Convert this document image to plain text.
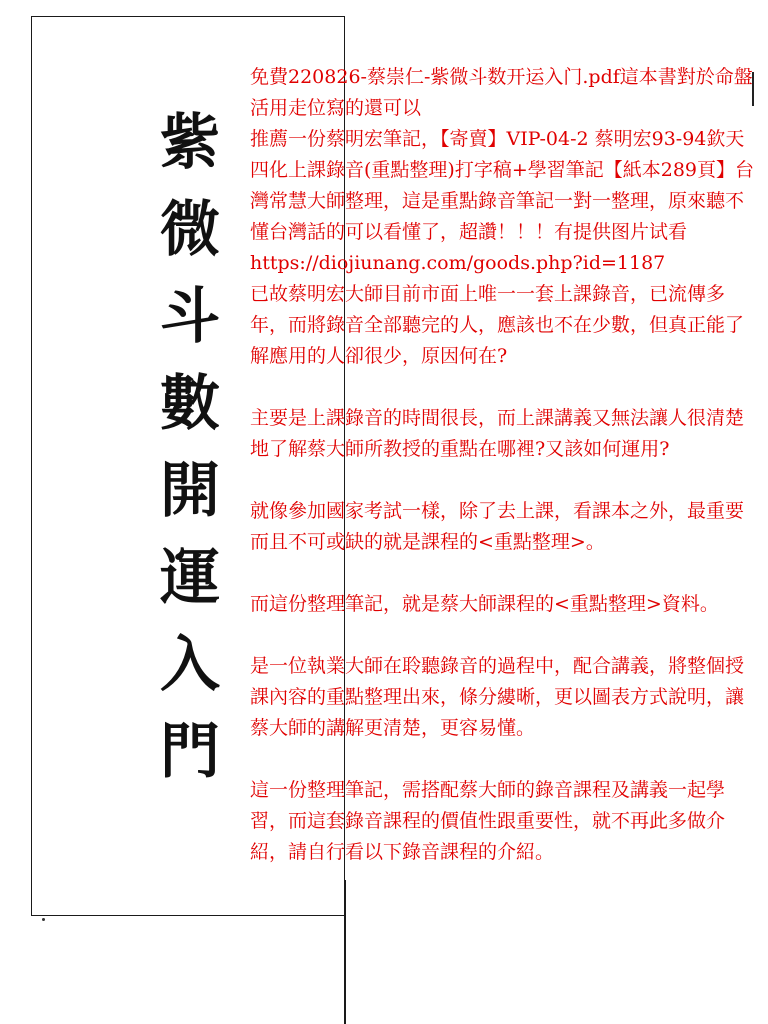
紫
微
斗
數
開
運
入
門

免費220826-蔡崇仁-紫微斗数开运入门.pdf這本書對於命盤活用走位寫的還可以

推薦一份蔡明宏筆記，【寄賣】VIP-04-2 蔡明宏93-94欽天四化上課錄音(重點整理)打字稿+學習筆記【紙本289頁】台灣常慧大師整理，這是重點錄音筆記一對一整理，原來聽不懂台灣話的可以看懂了，超讚！！！有提供图片试看

https://diojiunang.com/goods.php?id=1187

已故蔡明宏大師目前市面上唯一一套上課錄音，已流傳多年，而將錄音全部聽完的人，應該也不在少數，但真正能了解應用的人卻很少，原因何在?

主要是上課錄音的時間很長，而上課講義又無法讓人很清楚地了解蔡大師所教授的重點在哪裡?又該如何運用?

就像參加國家考試一樣，除了去上課，看課本之外，最重要而且不可或缺的就是課程的<重點整理>。

而這份整理筆記，就是蔡大師課程的<重點整理>資料。

是一位執業大師在聆聽錄音的過程中，配合講義，將整個授課內容的重點整理出來，條分縷晰，更以圖表方式說明，讓蔡大師的講解更清楚，更容易懂。

這一份整理筆記，需搭配蔡大師的錄音課程及講義一起學習，而這套錄音課程的價值性跟重要性，就不再此多做介紹，請自行看以下錄音課程的介紹。
